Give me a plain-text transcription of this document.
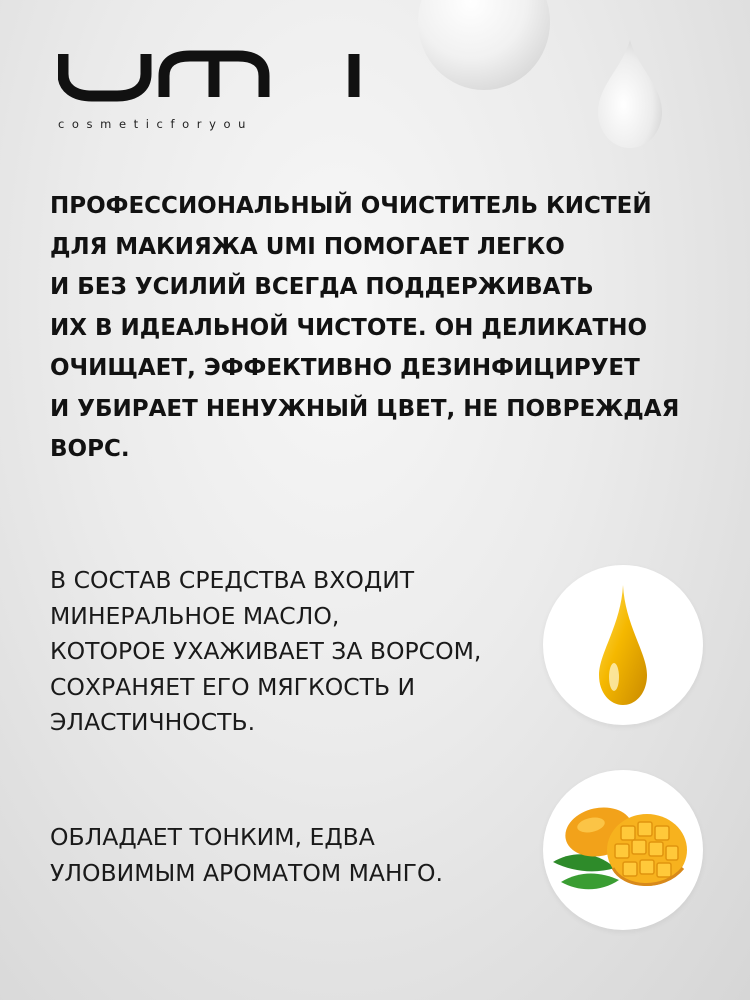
cosmeticforyou

ПРОФЕССИОНАЛЬНЫЙ ОЧИСТИТЕЛЬ КИСТЕЙ
ДЛЯ МАКИЯЖА UMI ПОМОГАЕТ ЛЕГКО
И БЕЗ УСИЛИЙ ВСЕГДА ПОДДЕРЖИВАТЬ
ИХ В ИДЕАЛЬНОЙ ЧИСТОТЕ. ОН ДЕЛИКАТНО
ОЧИЩАЕТ, ЭФФЕКТИВНО ДЕЗИНФИЦИРУЕТ
И УБИРАЕТ НЕНУЖНЫЙ ЦВЕТ, НЕ ПОВРЕЖДАЯ
ВОРС.

В СОСТАВ СРЕДСТВА ВХОДИТ
МИНЕРАЛЬНОЕ МАСЛО,
КОТОРОЕ УХАЖИВАЕТ ЗА ВОРСОМ,
СОХРАНЯЕТ ЕГО МЯГКОСТЬ И
ЭЛАСТИЧНОСТЬ.

ОБЛАДАЕТ ТОНКИМ, ЕДВА
УЛОВИМЫМ АРОМАТОМ МАНГО.
